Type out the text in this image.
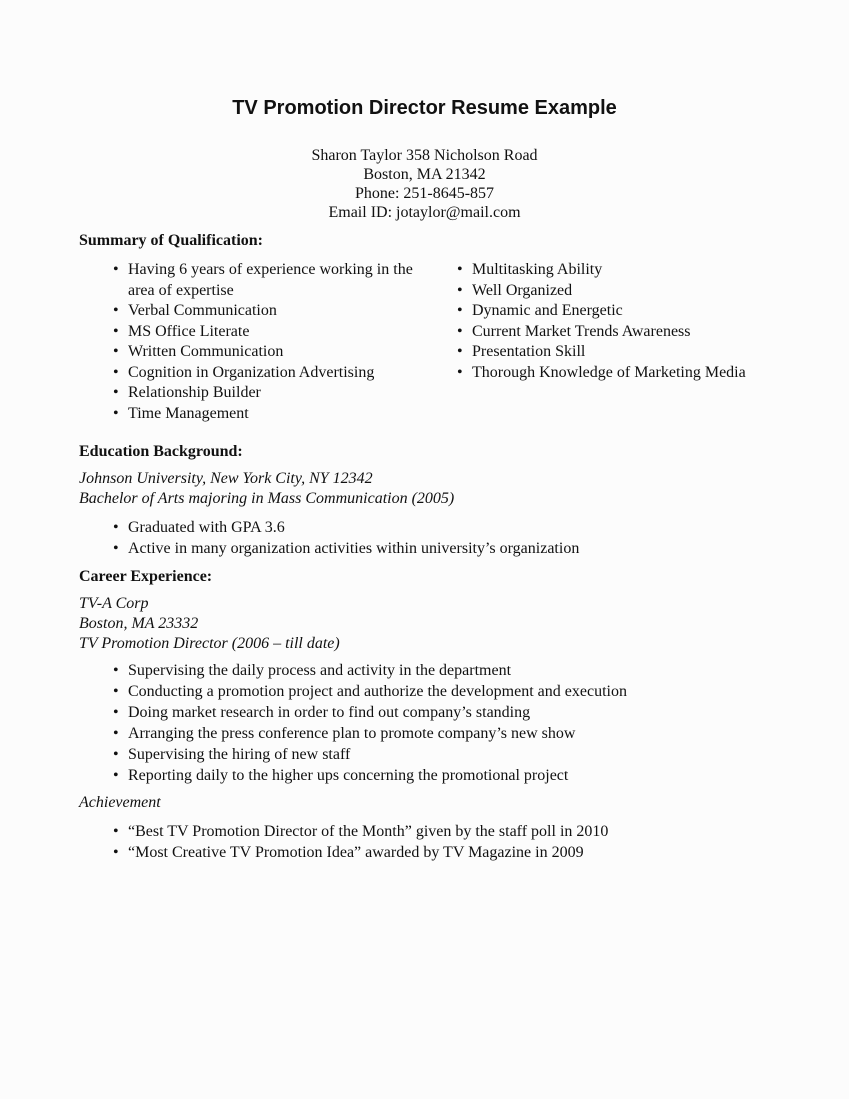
TV Promotion Director Resume Example
Sharon Taylor 358 Nicholson Road
Boston, MA 21342
Phone: 251-8645-857
Email ID: jotaylor@mail.com
Summary of Qualification:
• Having 6 years of experience working in the area of expertise
• Verbal Communication
• MS Office Literate
• Written Communication
• Cognition in Organization Advertising
• Relationship Builder
• Time Management
• Multitasking Ability
• Well Organized
• Dynamic and Energetic
• Current Market Trends Awareness
• Presentation Skill
• Thorough Knowledge of Marketing Media
Education Background:
Johnson University, New York City, NY 12342
Bachelor of Arts majoring in Mass Communication (2005)
• Graduated with GPA 3.6
• Active in many organization activities within university’s organization
Career Experience:
TV-A Corp
Boston, MA 23332
TV Promotion Director (2006 – till date)
• Supervising the daily process and activity in the department
• Conducting a promotion project and authorize the development and execution
• Doing market research in order to find out company’s standing
• Arranging the press conference plan to promote company’s new show
• Supervising the hiring of new staff
• Reporting daily to the higher ups concerning the promotional project
Achievement
• “Best TV Promotion Director of the Month” given by the staff poll in 2010
• “Most Creative TV Promotion Idea” awarded by TV Magazine in 2009
